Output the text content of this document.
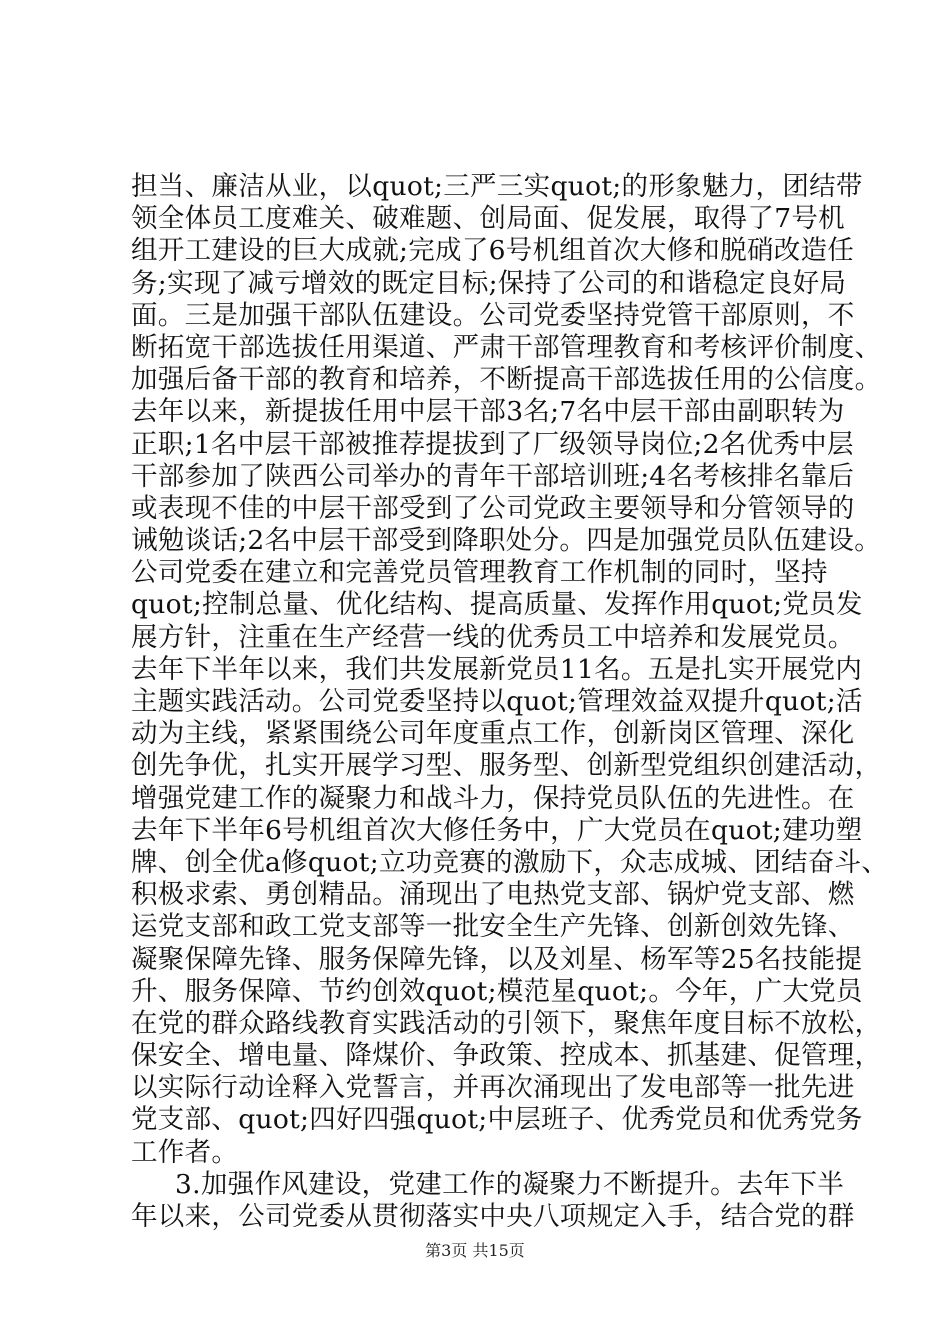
担当、廉洁从业，以quot;三严三实quot;的形象魅力，团结带
领全体员工度难关、破难题、创局面、促发展，取得了7号机
组开工建设的巨大成就;完成了6号机组首次大修和脱硝改造任
务;实现了减亏增效的既定目标;保持了公司的和谐稳定良好局
面。三是加强干部队伍建设。公司党委坚持党管干部原则，不
断拓宽干部选拔任用渠道、严肃干部管理教育和考核评价制度、
加强后备干部的教育和培养，不断提高干部选拔任用的公信度。
去年以来，新提拔任用中层干部3名;7名中层干部由副职转为
正职;1名中层干部被推荐提拔到了厂级领导岗位;2名优秀中层
干部参加了陕西公司举办的青年干部培训班;4名考核排名靠后
或表现不佳的中层干部受到了公司党政主要领导和分管领导的
诫勉谈话;2名中层干部受到降职处分。四是加强党员队伍建设。
公司党委在建立和完善党员管理教育工作机制的同时，坚持
quot;控制总量、优化结构、提高质量、发挥作用quot;党员发
展方针，注重在生产经营一线的优秀员工中培养和发展党员。
去年下半年以来，我们共发展新党员11名。五是扎实开展党内
主题实践活动。公司党委坚持以quot;管理效益双提升quot;活
动为主线，紧紧围绕公司年度重点工作，创新岗区管理、深化
创先争优，扎实开展学习型、服务型、创新型党组织创建活动，
增强党建工作的凝聚力和战斗力，保持党员队伍的先进性。在
去年下半年6号机组首次大修任务中，广大党员在quot;建功塑
牌、创全优a修quot;立功竞赛的激励下，众志成城、团结奋斗、
积极求索、勇创精品。涌现出了电热党支部、锅炉党支部、燃
运党支部和政工党支部等一批安全生产先锋、创新创效先锋、
凝聚保障先锋、服务保障先锋，以及刘星、杨军等25名技能提
升、服务保障、节约创效quot;模范星quot;。今年，广大党员
在党的群众路线教育实践活动的引领下，聚焦年度目标不放松，
保安全、增电量、降煤价、争政策、控成本、抓基建、促管理，
以实际行动诠释入党誓言，并再次涌现出了发电部等一批先进
党支部、quot;四好四强quot;中层班子、优秀党员和优秀党务
工作者。
3.加强作风建设，党建工作的凝聚力不断提升。去年下半
年以来，公司党委从贯彻落实中央八项规定入手，结合党的群
第3页 共15页
